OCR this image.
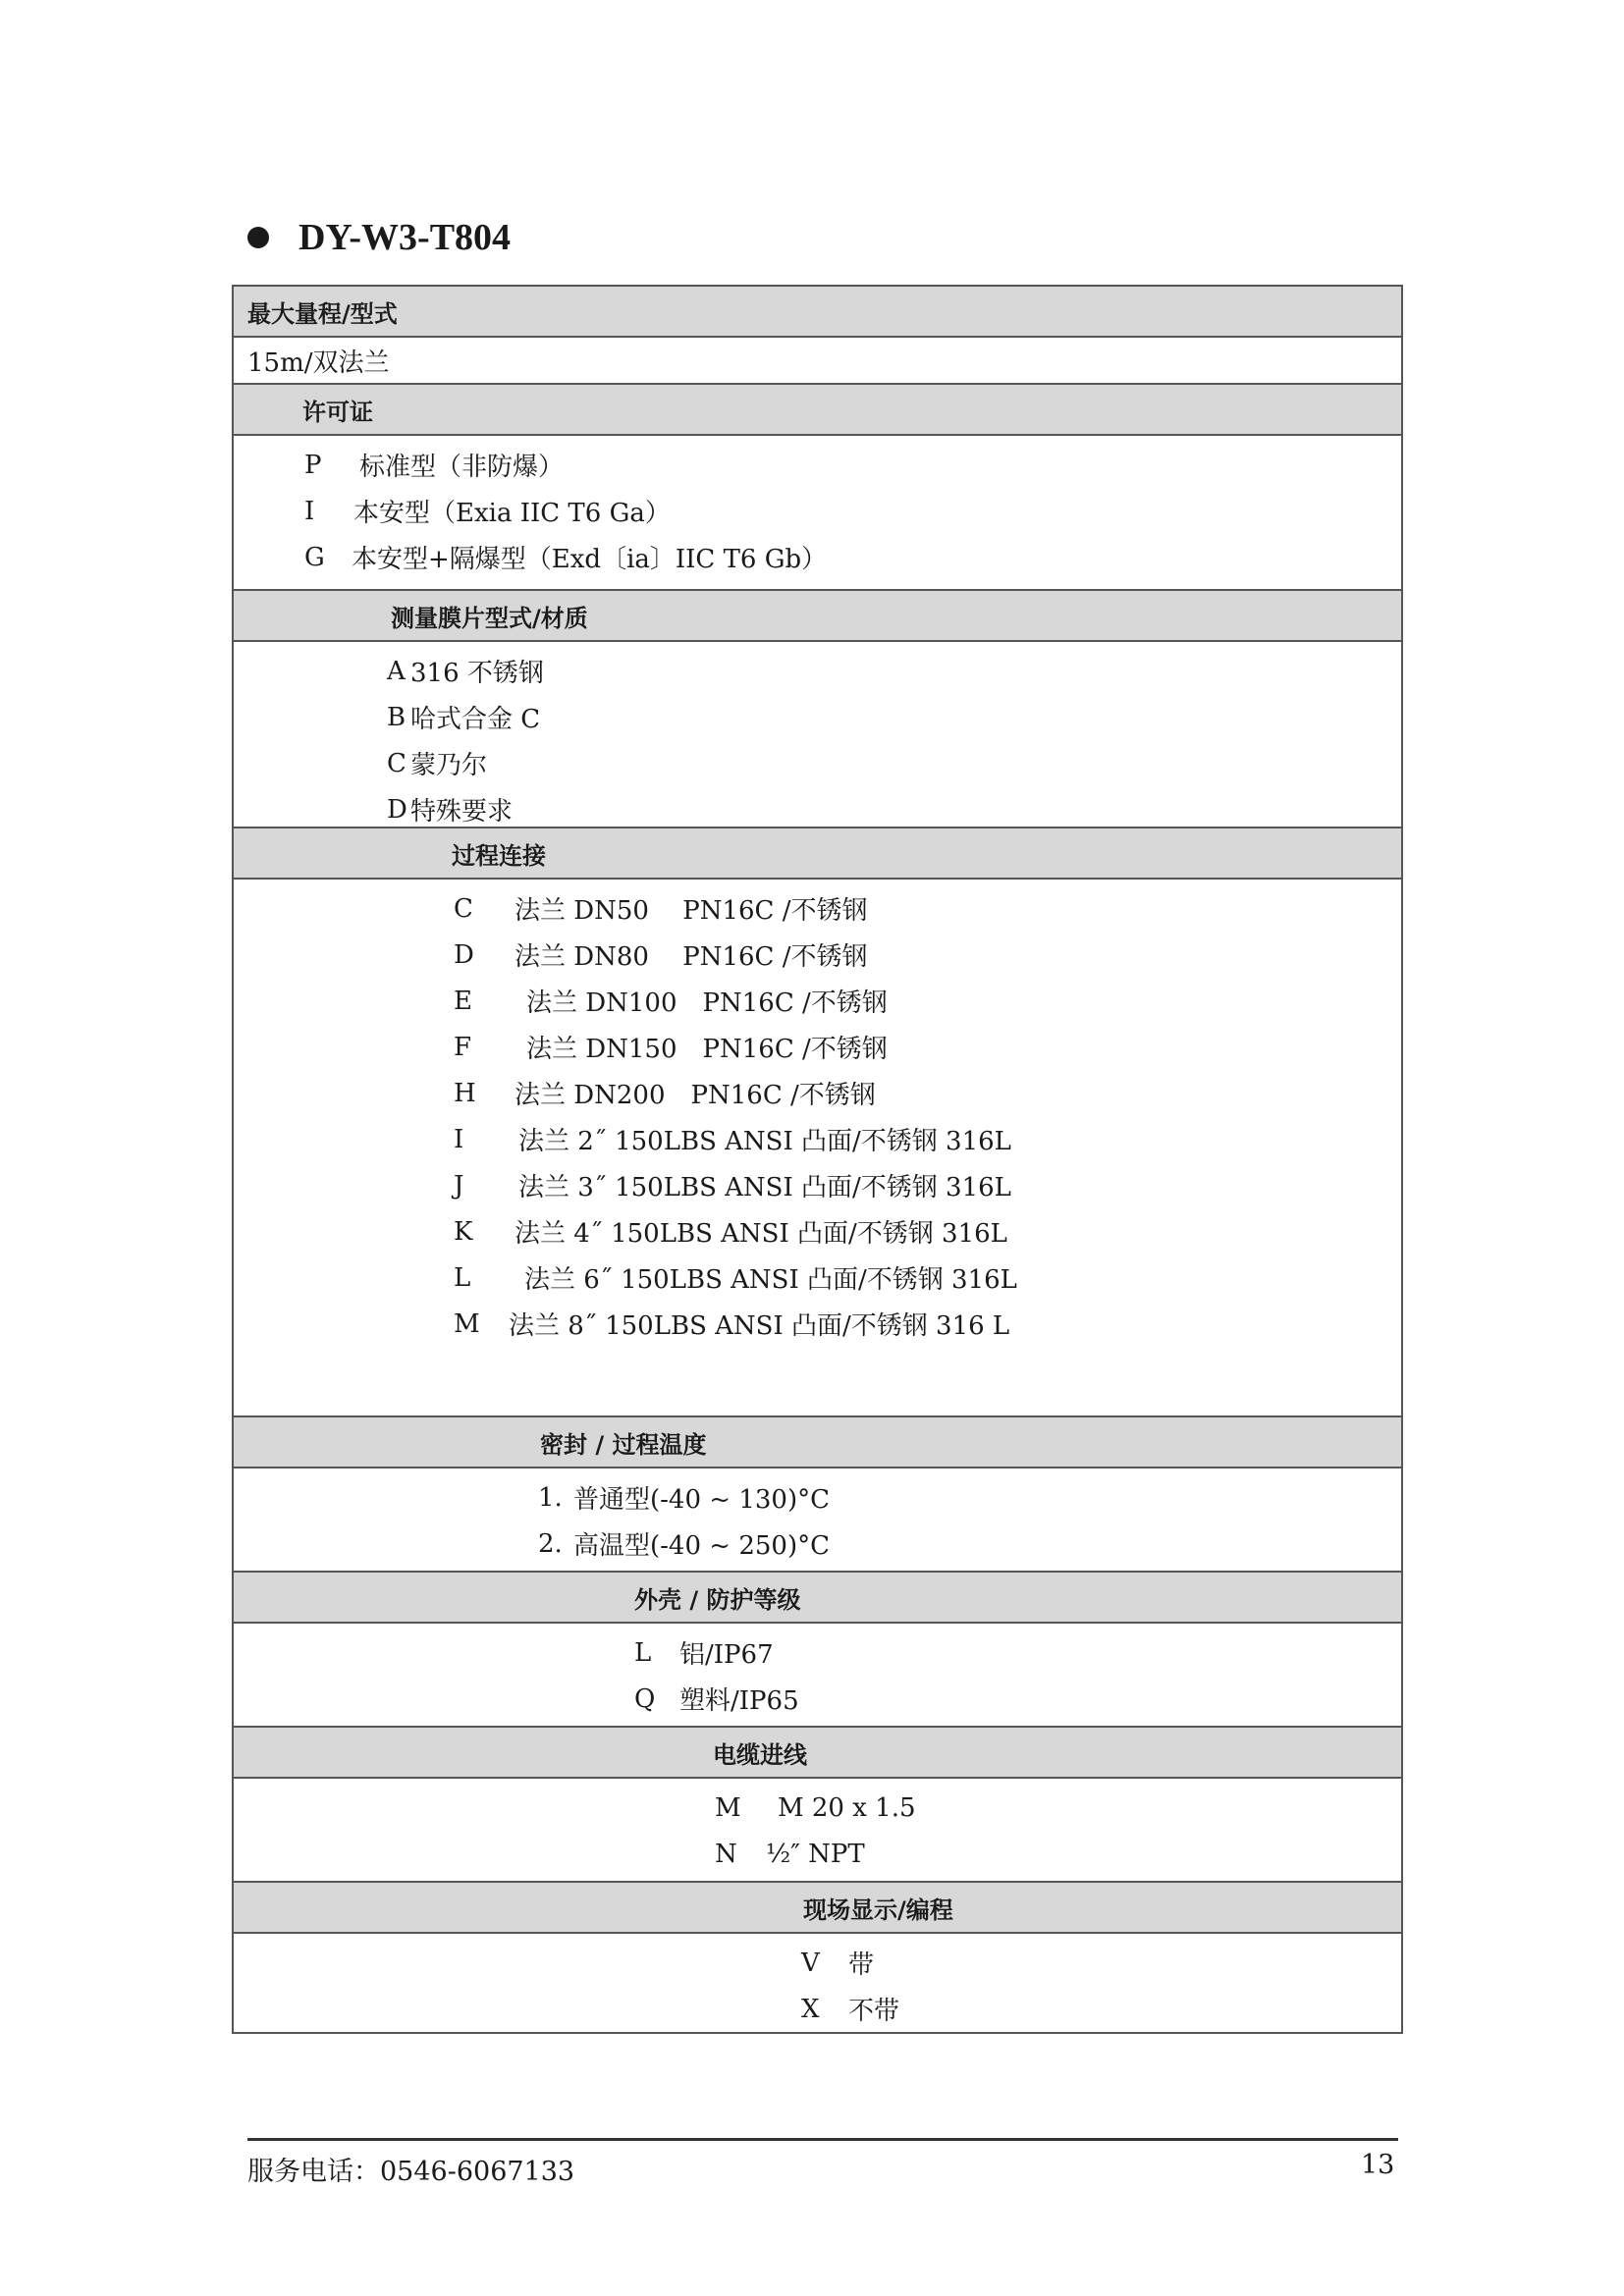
DY-W3-T804
最大量程/型式
15m/双法兰
许可证
P	标准型（非防爆）
I	本安型（Exia IIC T6 Ga）
G	本安型+隔爆型（Exd〔ia〕IIC T6 Gb）
测量膜片型式/材质
A 316 不锈钢
B 哈式合金 C
C 蒙乃尔
D 特殊要求
过程连接
C	法兰 DN50　 PN16C /不锈钢
D	法兰 DN80　 PN16C /不锈钢
E	法兰 DN100　PN16C /不锈钢
F	法兰 DN150　PN16C /不锈钢
H	法兰 DN200　PN16C /不锈钢
I	法兰 2˝ 150LBS ANSI 凸面/不锈钢 316L
J	法兰 3˝ 150LBS ANSI 凸面/不锈钢 316L
K	法兰 4˝ 150LBS ANSI 凸面/不锈钢 316L
L	法兰 6˝ 150LBS ANSI 凸面/不锈钢 316L
M	法兰 8˝ 150LBS ANSI 凸面/不锈钢 316 L
密封 / 过程温度
1. 普通型(-40 ~ 130)°C
2. 高温型(-40 ~ 250)°C
外壳 / 防护等级
L	铝/IP67
Q 塑料/IP65
电缆进线
M	M 20 x 1.5
N	½″ NPT
现场显示/编程
V	带
X	不带
服务电话：0546-6067133	13
